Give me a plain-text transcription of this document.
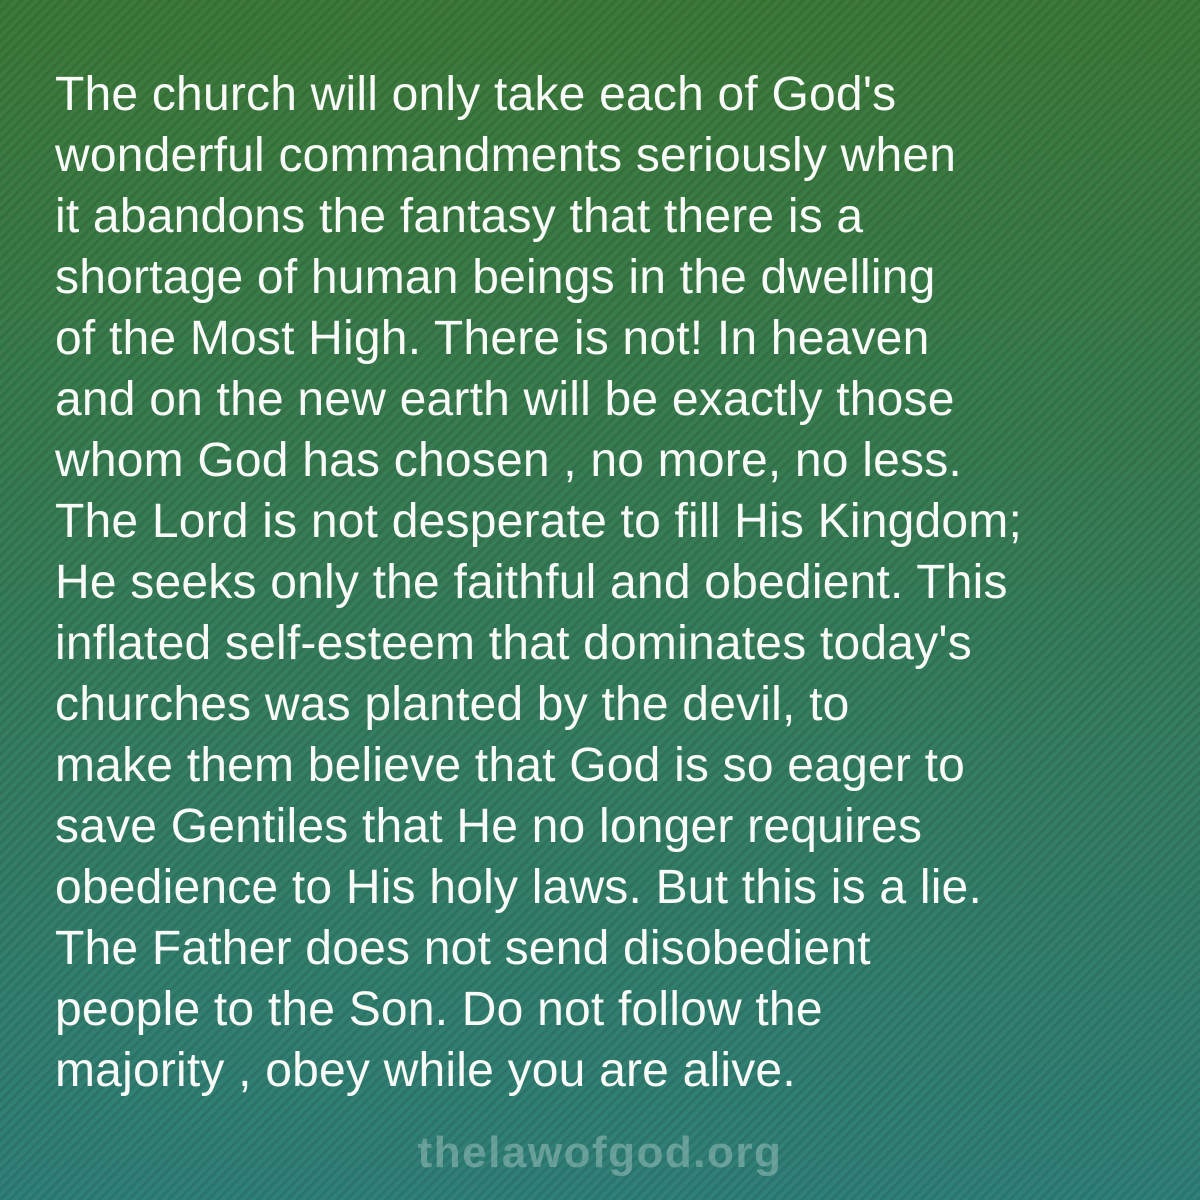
The church will only take each of God's
wonderful commandments seriously when
it abandons the fantasy that there is a
shortage of human beings in the dwelling
of the Most High. There is not! In heaven
and on the new earth will be exactly those
whom God has chosen , no more, no less.
The Lord is not desperate to fill His Kingdom;
He seeks only the faithful and obedient. This
inflated self-esteem that dominates today's
churches was planted by the devil, to
make them believe that God is so eager to
save Gentiles that He no longer requires
obedience to His holy laws. But this is a lie.
The Father does not send disobedient
people to the Son. Do not follow the
majority , obey while you are alive.
thelawofgod.org
